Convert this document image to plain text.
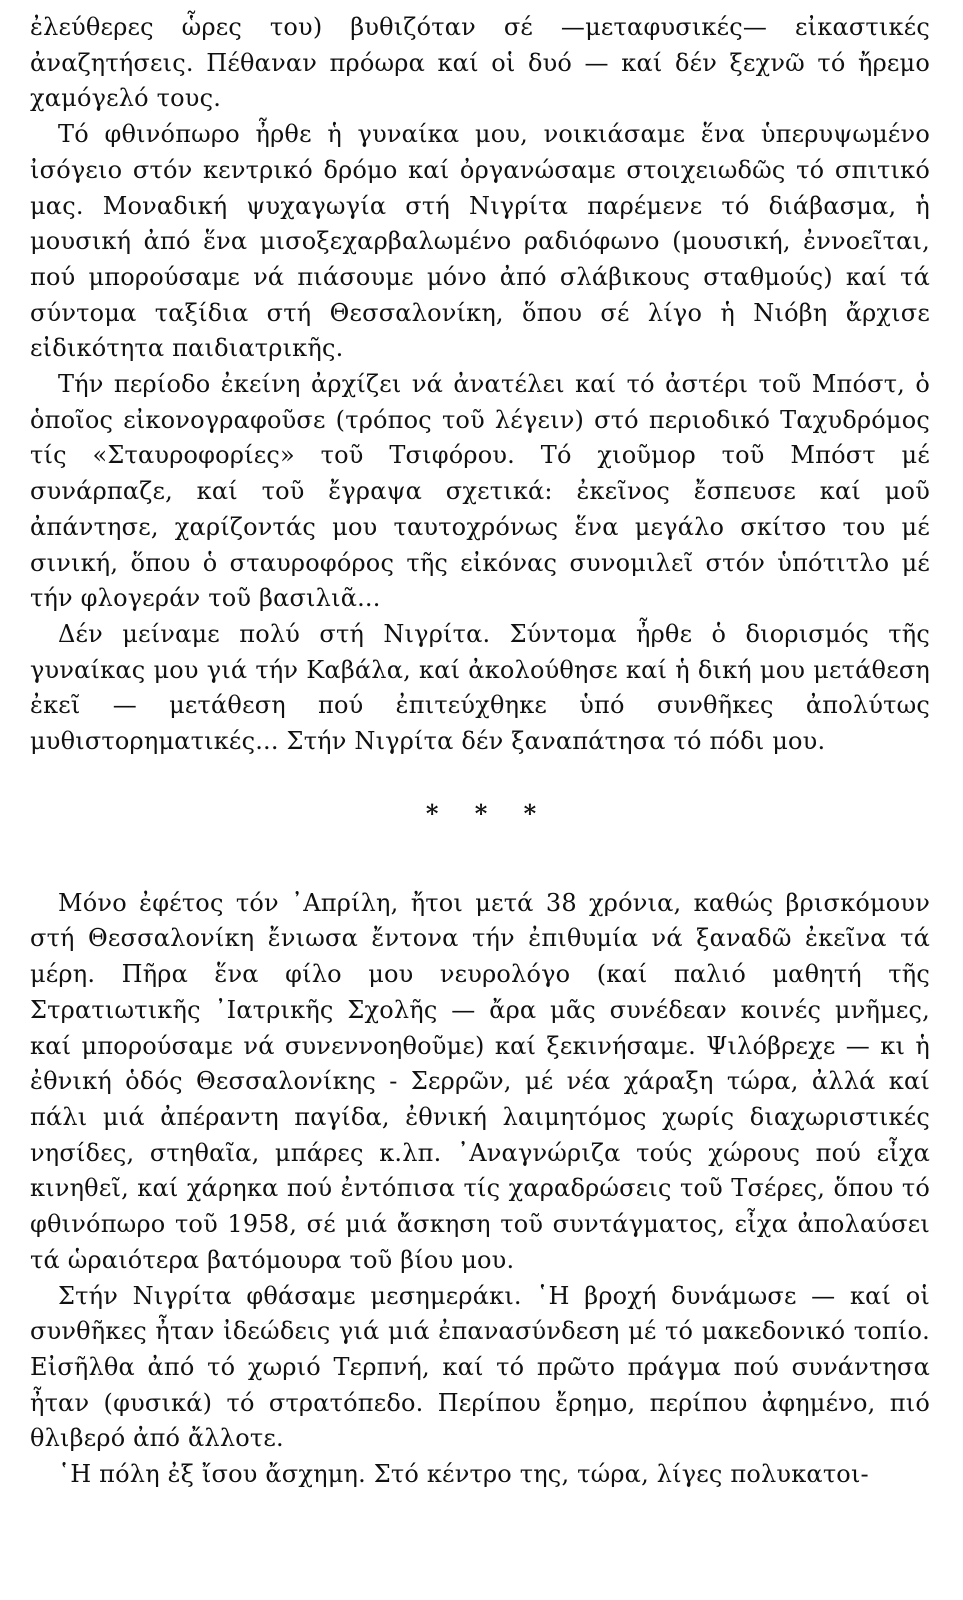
ἐλεύθερες ὧρες του) βυθιζόταν σέ —μεταφυσικές— εἰκαστικές ἀναζητήσεις. Πέθαναν πρόωρα καί οἱ δυό — καί δέν ξεχνῶ τό ἤρεμο χαμόγελό τους.

Τό φθινόπωρο ἦρθε ἡ γυναίκα μου, νοικιάσαμε ἕνα ὑπερυψωμένο ἰσόγειο στόν κεντρικό δρόμο καί ὀργανώσαμε στοιχειωδῶς τό σπιτικό μας. Μοναδική ψυχαγωγία στή Νιγρίτα παρέμενε τό διάβασμα, ἡ μουσική ἀπό ἕνα μισοξεχαρβαλωμένο ραδιόφωνο (μουσική, ἐννοεῖται, πού μπορούσαμε νά πιάσουμε μόνο ἀπό σλάβικους σταθμούς) καί τά σύντομα ταξίδια στή Θεσσαλονίκη, ὅπου σέ λίγο ἡ Νιόβη ἄρχισε εἰδικότητα παιδιατρικῆς.

Τήν περίοδο ἐκείνη ἀρχίζει νά ἀνατέλει καί τό ἀστέρι τοῦ Μπόστ, ὁ ὁποῖος εἰκονογραφοῦσε (τρόπος τοῦ λέγειν) στό περιοδικό Ταχυδρόμος τίς «Σταυροφορίες» τοῦ Τσιφόρου. Τό χιοῦμορ τοῦ Μπόστ μέ συνάρπαζε, καί τοῦ ἔγραψα σχετικά: ἐκεῖνος ἔσπευσε καί μοῦ ἀπάντησε, χαρίζοντάς μου ταυτοχρόνως ἕνα μεγάλο σκίτσο του μέ σινική, ὅπου ὁ σταυροφόρος τῆς εἰκόνας συνομιλεῖ στόν ὑπότιτλο μέ τήν φλογεράν τοῦ βασιλιᾶ...

Δέν μείναμε πολύ στή Νιγρίτα. Σύντομα ἦρθε ὁ διορισμός τῆς γυναίκας μου γιά τήν Καβάλα, καί ἀκολούθησε καί ἡ δική μου μετάθεση ἐκεῖ — μετάθεση πού ἐπιτεύχθηκε ὑπό συνθῆκες ἀπολύτως μυθιστορηματικές... Στήν Νιγρίτα δέν ξαναπάτησα τό πόδι μου.

* * *

Μόνο ἐφέτος τόν ᾿Απρίλη, ἤτοι μετά 38 χρόνια, καθώς βρισκόμουν στή Θεσσαλονίκη ἔνιωσα ἔντονα τήν ἐπιθυμία νά ξαναδῶ ἐκεῖνα τά μέρη. Πῆρα ἕνα φίλο μου νευρολόγο (καί παλιό μαθητή τῆς Στρατιωτικῆς ᾿Ιατρικῆς Σχολῆς — ἄρα μᾶς συνέδεαν κοινές μνῆμες, καί μπορούσαμε νά συνεννοηθοῦμε) καί ξεκινήσαμε. Ψιλόβρεχε — κι ἡ ἐθνική ὁδός Θεσσαλονίκης - Σερρῶν, μέ νέα χάραξη τώρα, ἀλλά καί πάλι μιά ἀπέραντη παγίδα, ἐθνική λαιμητόμος χωρίς διαχωριστικές νησίδες, στηθαῖα, μπάρες κ.λπ. ᾿Αναγνώριζα τούς χώρους πού εἶχα κινηθεῖ, καί χάρηκα πού ἐντόπισα τίς χαραδρώσεις τοῦ Τσέρες, ὅπου τό φθινόπωρο τοῦ 1958, σέ μιά ἄσκηση τοῦ συντάγματος, εἶχα ἀπολαύσει τά ὡραιότερα βατόμουρα τοῦ βίου μου.

Στήν Νιγρίτα φθάσαμε μεσημεράκι. ῾Η βροχή δυνάμωσε — καί οἱ συνθῆκες ἦταν ἰδεώδεις γιά μιά ἐπανασύνδεση μέ τό μακεδονικό τοπίο. Εἰσῆλθα ἀπό τό χωριό Τερπνή, καί τό πρῶτο πράγμα πού συνάντησα ἦταν (φυσικά) τό στρατόπεδο. Περίπου ἔρημο, περίπου ἀφημένο, πιό θλιβερό ἀπό ἄλλοτε.

῾Η πόλη ἐξ ἴσου ἄσχημη. Στό κέντρο της, τώρα, λίγες πολυκατοι-
